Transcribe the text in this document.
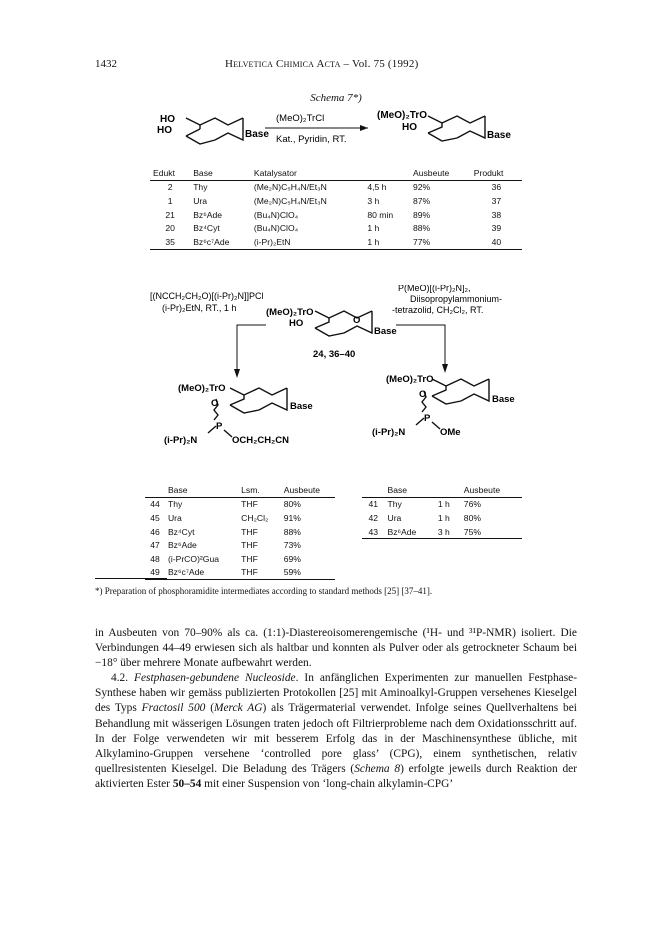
1432	Helvetica Chimica Acta – Vol. 75 (1992)
Schema 7*)
HO
HO	Base
(MeO)₂TrCl
Kat., Pyridin, RT.
(MeO)₂TrO
HO
Base
Edukt	Base	Katalysator		Ausbeute	Produkt
2	Thy	(Me₂N)C₅H₄N/Et₃N	4,5 h	92%	36
1	Ura	(Me₂N)C₅H₄N/Et₃N	3 h	87%	37
21	Bz⁶Ade	(Bu₄N)ClO₄	80 min	89%	38
20	Bz⁴Cyt	(Bu₄N)ClO₄	1 h	88%	39
35	Bz⁶c⁷Ade	(i-Pr)₂EtN	1 h	77%	40
[(NCCH₂CH₂O)[(i-Pr)₂N]]PCl
(i-Pr)₂EtN, RT., 1 h
P(MeO)[(i-Pr)₂N]₂,
Diisopropylammonium-
-tetrazolid, CH₂Cl₂, RT.
(MeO)₂TrO
HO	O
Base
24, 36–40
(MeO)₂TrO
Base
O
P
(i-Pr)₂N	OCH₂CH₂CN
(MeO)₂TrO
Base
O
P
(i-Pr)₂N	OMe
	Base	Lsm.	Ausbeute
44	Thy	THF	80%
45	Ura	CH₂Cl₂	91%
46	Bz⁴Cyt	THF	88%
47	Bz⁶Ade	THF	73%
48	(i-PrCO)²Gua	THF	69%
49	Bz⁶c⁷Ade	THF	59%
	Base		Ausbeute
41	Thy	1 h	76%
42	Ura	1 h	80%
43	Bz⁶Ade	3 h	75%
*) Preparation of phosphoramidite intermediates according to standard methods [25] [37–41].

in Ausbeuten von 70–90% als ca. (1:1)-Diastereoisomerengemische (¹H- und ³¹P-NMR) isoliert. Die Verbindungen 44–49 erwiesen sich als haltbar und konnten als Pulver oder als getrockneter Schaum bei −18° über mehrere Monate aufbewahrt werden.

4.2. Festphasen-gebundene Nucleoside. In anfänglichen Experimenten zur manuellen Festphase-Synthese haben wir gemäss publizierten Protokollen [25] mit Aminoalkyl-Gruppen versehenes Kieselgel des Typs Fractosil 500 (Merck AG) als Trägermaterial verwendet. Infolge seines Quellverhaltens bei Behandlung mit wässerigen Lösungen traten jedoch oft Filtrierprobleme nach dem Oxidationsschritt auf. In der Folge verwendeten wir mit besserem Erfolg das in der Maschinensynthese übliche, mit Alkylamino-Gruppen versehene ‘controlled pore glass’ (CPG), einem synthetischen, relativ quellresistenten Kieselgel. Die Beladung des Trägers (Schema 8) erfolgte jeweils durch Reaktion der aktivierten Ester 50–54 mit einer Suspension von ‘long-chain alkylamin-CPG’
